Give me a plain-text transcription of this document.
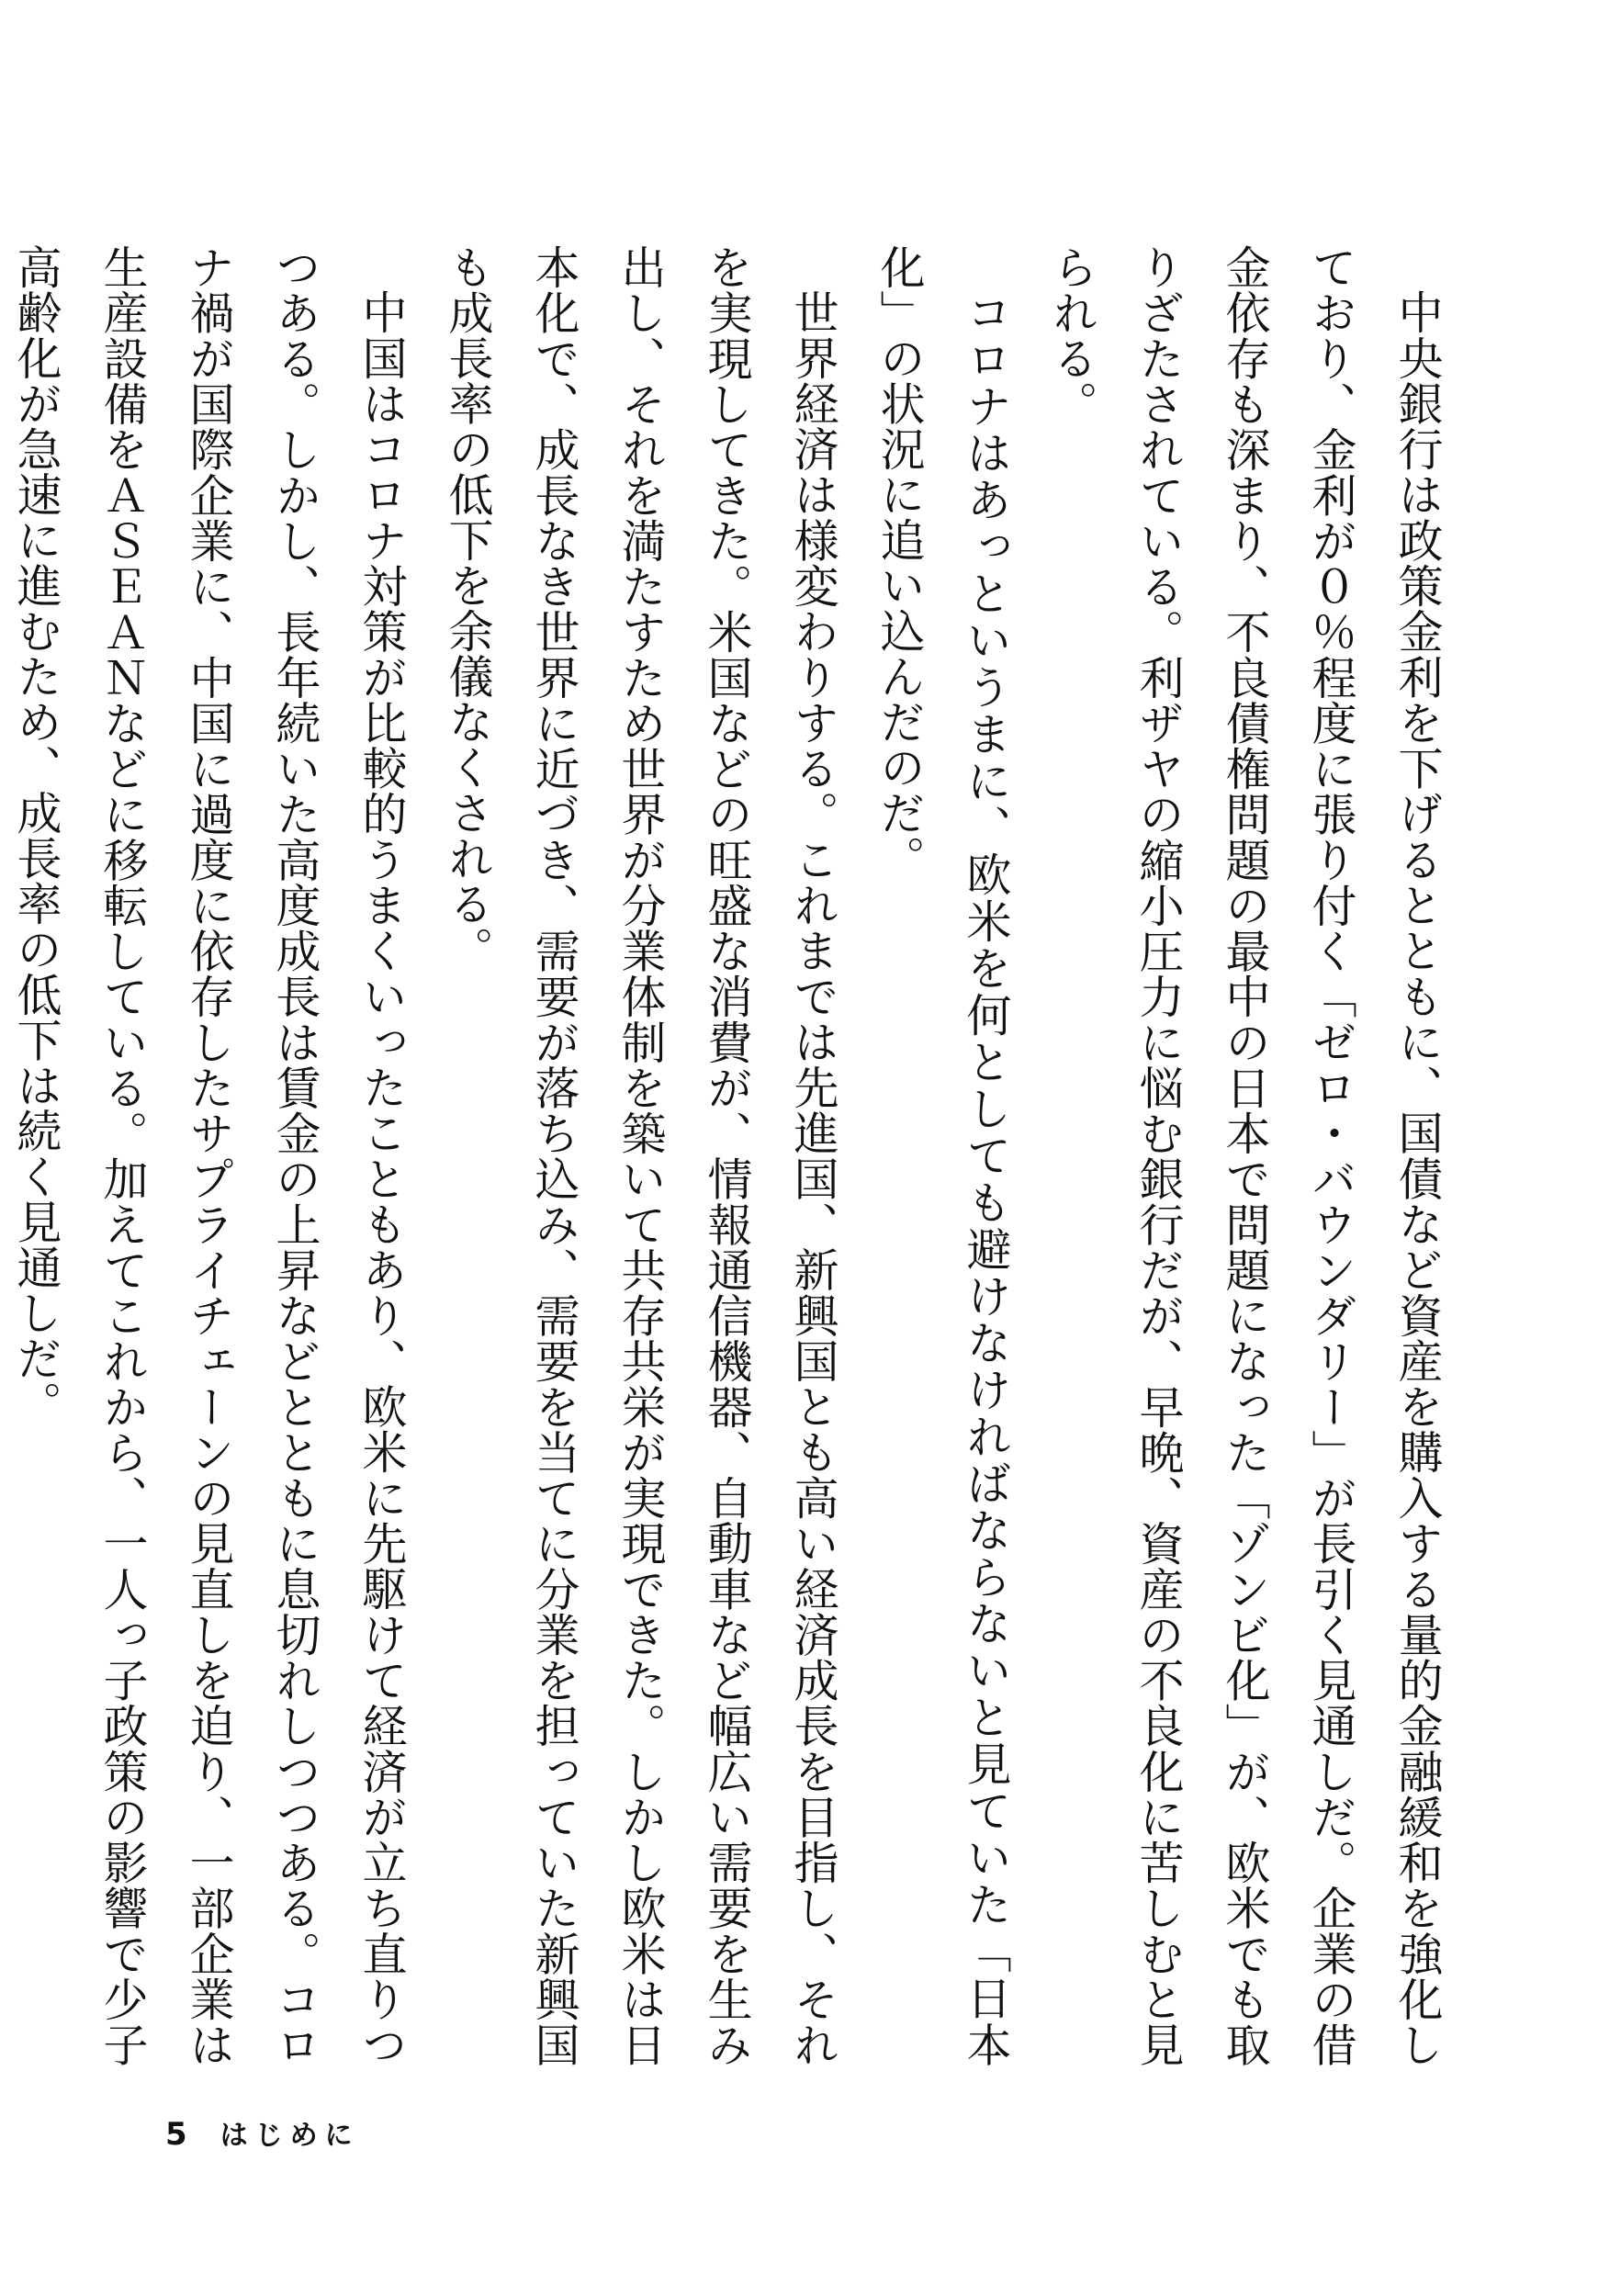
中央銀行は政策金利を下げるとともに、国債など資産を購入する量的金融緩和を強化しており、金利が０％程度に張り付く「ゼロ・バウンダリー」が長引く見通しだ。企業の借金依存も深まり、不良債権問題の最中の日本で問題になった「ゾンビ化」が、欧米でも取りざたされている。利ザヤの縮小圧力に悩む銀行だが、早晩、資産の不良化に苦しむと見られる。

コロナはあっというまに、欧米を何としても避けなければならないと見ていた「日本化」の状況に追い込んだのだ。

世界経済は様変わりする。これまでは先進国、新興国とも高い経済成長を目指し、それを実現してきた。米国などの旺盛な消費が、情報通信機器、自動車など幅広い需要を生み出し、それを満たすため世界が分業体制を築いて共存共栄が実現できた。しかし欧米は日本化で、成長なき世界に近づき、需要が落ち込み、需要を当てに分業を担っていた新興国も成長率の低下を余儀なくされる。

中国はコロナ対策が比較的うまくいったこともあり、欧米に先駆けて経済が立ち直りつつある。しかし、長年続いた高度成長は賃金の上昇などとともに息切れしつつある。コロナ禍が国際企業に、中国に過度に依存したサプライチェーンの見直しを迫り、一部企業は生産設備をＡＳＥＡＮなどに移転している。加えてこれから、一人っ子政策の影響で少子高齢化が急速に進むため、成長率の低下は続く見通しだ。

5 はじめに
